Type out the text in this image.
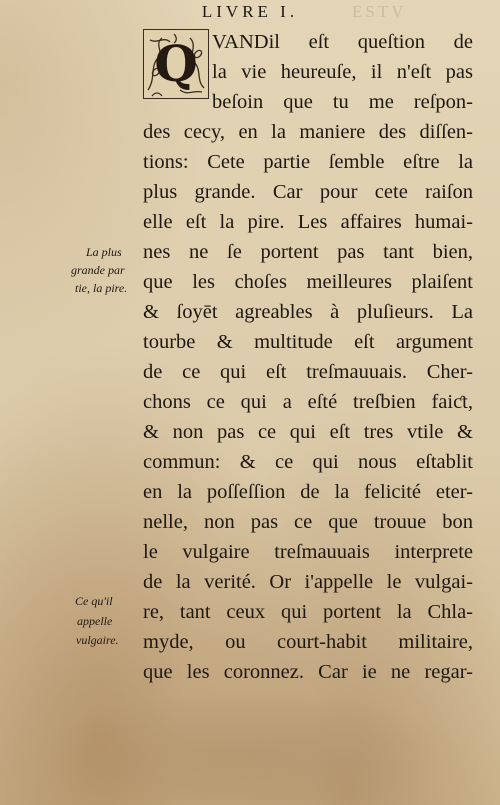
ESTV
LIVRE I.
Q VANDil eſt queſtion de
la vie heureuſe, il n'eſt pas
beſoin que tu me reſpon-
des cecy, en la maniere des diſſen-
tions: Cete partie ſemble eſtre la
plus grande. Car pour cete raiſon
elle eſt la pire. Les affaires humai-
nes ne ſe portent pas tant bien,
que les choſes meilleures plaiſent
& ſoyēt agreables à pluſieurs. La
tourbe & multitude eſt argument
de ce qui eſt treſmauuais. Cher-
chons ce qui a eſté treſbien faiƈt,
& non pas ce qui eſt tres vtile &
commun: & ce qui nous eſtablit
en la poſſeſſion de la felicité eter-
nelle, non pas ce que trouue bon
le vulgaire treſmauuais interprete
de la verité. Or i'appelle le vulgai-
re, tant ceux qui portent la Chla-
myde, ou court-habit militaire,
que les coronnez. Car ie ne regar-
La plus
grande par
tie, la pire.
Ce qu'il
appelle
vulgaire.
